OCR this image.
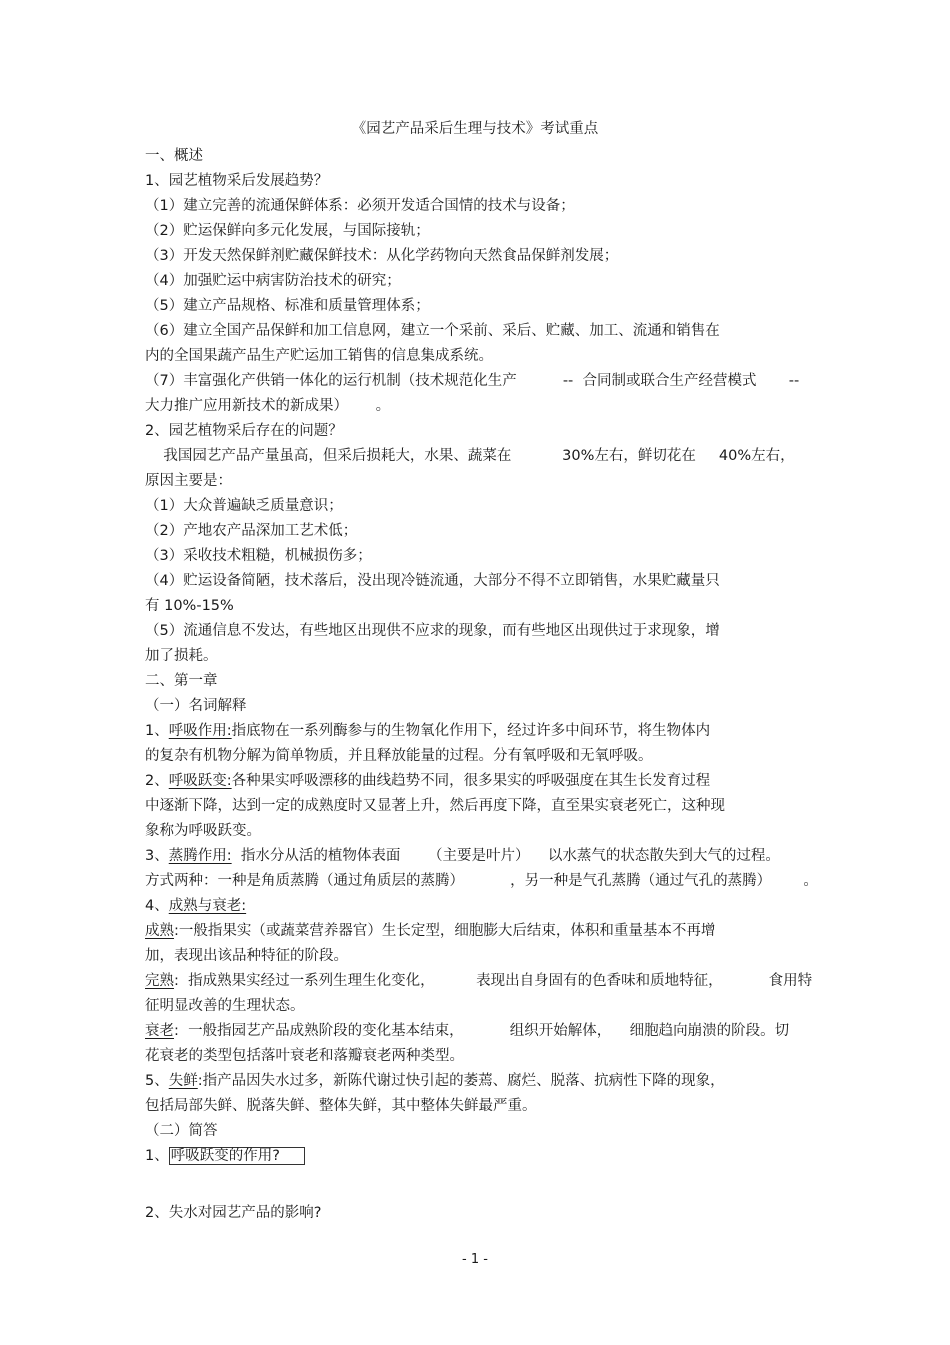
《园艺产品采后生理与技术》考试重点
一、概述
1、园艺植物采后发展趋势？
（1）建立完善的流通保鲜体系：必须开发适合国情的技术与设备；
（2）贮运保鲜向多元化发展，与国际接轨；
（3）开发天然保鲜剂贮藏保鲜技术：从化学药物向天然食品保鲜剂发展；
（4）加强贮运中病害防治技术的研究；
（5）建立产品规格、标准和质量管理体系；
（6）建立全国产品保鲜和加工信息网，建立一个采前、采后、贮藏、加工、流通和销售在
内的全国果蔬产品生产贮运加工销售的信息集成系统。
（7）丰富强化产供销一体化的运行机制（技术规范化生产          --  合同制或联合生产经营模式       --
大力推广应用新技术的新成果）      。
2、园艺植物采后存在的问题？
我国园艺产品产量虽高，但采后损耗大，水果、蔬菜在           30%左右，鲜切花在     40%左右，
原因主要是：
（1）大众普遍缺乏质量意识；
（2）产地农产品深加工艺术低；
（3）采收技术粗糙，机械损伤多；
（4）贮运设备简陋，技术落后，没出现冷链流通，大部分不得不立即销售，水果贮藏量只
有 10%-15%
（5）流通信息不发达，有些地区出现供不应求的现象，而有些地区出现供过于求现象，增
加了损耗。
二、第一章
（一）名词解释
1、呼吸作用:指底物在一系列酶参与的生物氧化作用下，经过许多中间环节，将生物体内
的复杂有机物分解为简单物质，并且释放能量的过程。分有氧呼吸和无氧呼吸。
2、呼吸跃变:各种果实呼吸漂移的曲线趋势不同，很多果实的呼吸强度在其生长发育过程
中逐渐下降，达到一定的成熟度时又显著上升，然后再度下降，直至果实衰老死亡，这种现
象称为呼吸跃变。
3、蒸腾作用:  指水分从活的植物体表面      （主要是叶片）    以水蒸气的状态散失到大气的过程。
方式两种：一种是角质蒸腾（通过角质层的蒸腾）          ，另一种是气孔蒸腾（通过气孔的蒸腾）       。
4、成熟与衰老:
成熟:一般指果实（或蔬菜营养器官）生长定型，细胞膨大后结束，体积和重量基本不再增
加，表现出该品种特征的阶段。
完熟:  指成熟果实经过一系列生理生化变化，         表现出自身固有的色香味和质地特征，          食用特
征明显改善的生理状态。
衰老:  一般指园艺产品成熟阶段的变化基本结束，          组织开始解体，    细胞趋向崩溃的阶段。切
花衰老的类型包括落叶衰老和落瓣衰老两种类型。
5、失鲜:指产品因失水过多，新陈代谢过快引起的萎蔫、腐烂、脱落、抗病性下降的现象，
包括局部失鲜、脱落失鲜、整体失鲜，其中整体失鲜最严重。
（二）简答
1、 呼吸跃变的作用?
2、失水对园艺产品的影响?
- 1 -
